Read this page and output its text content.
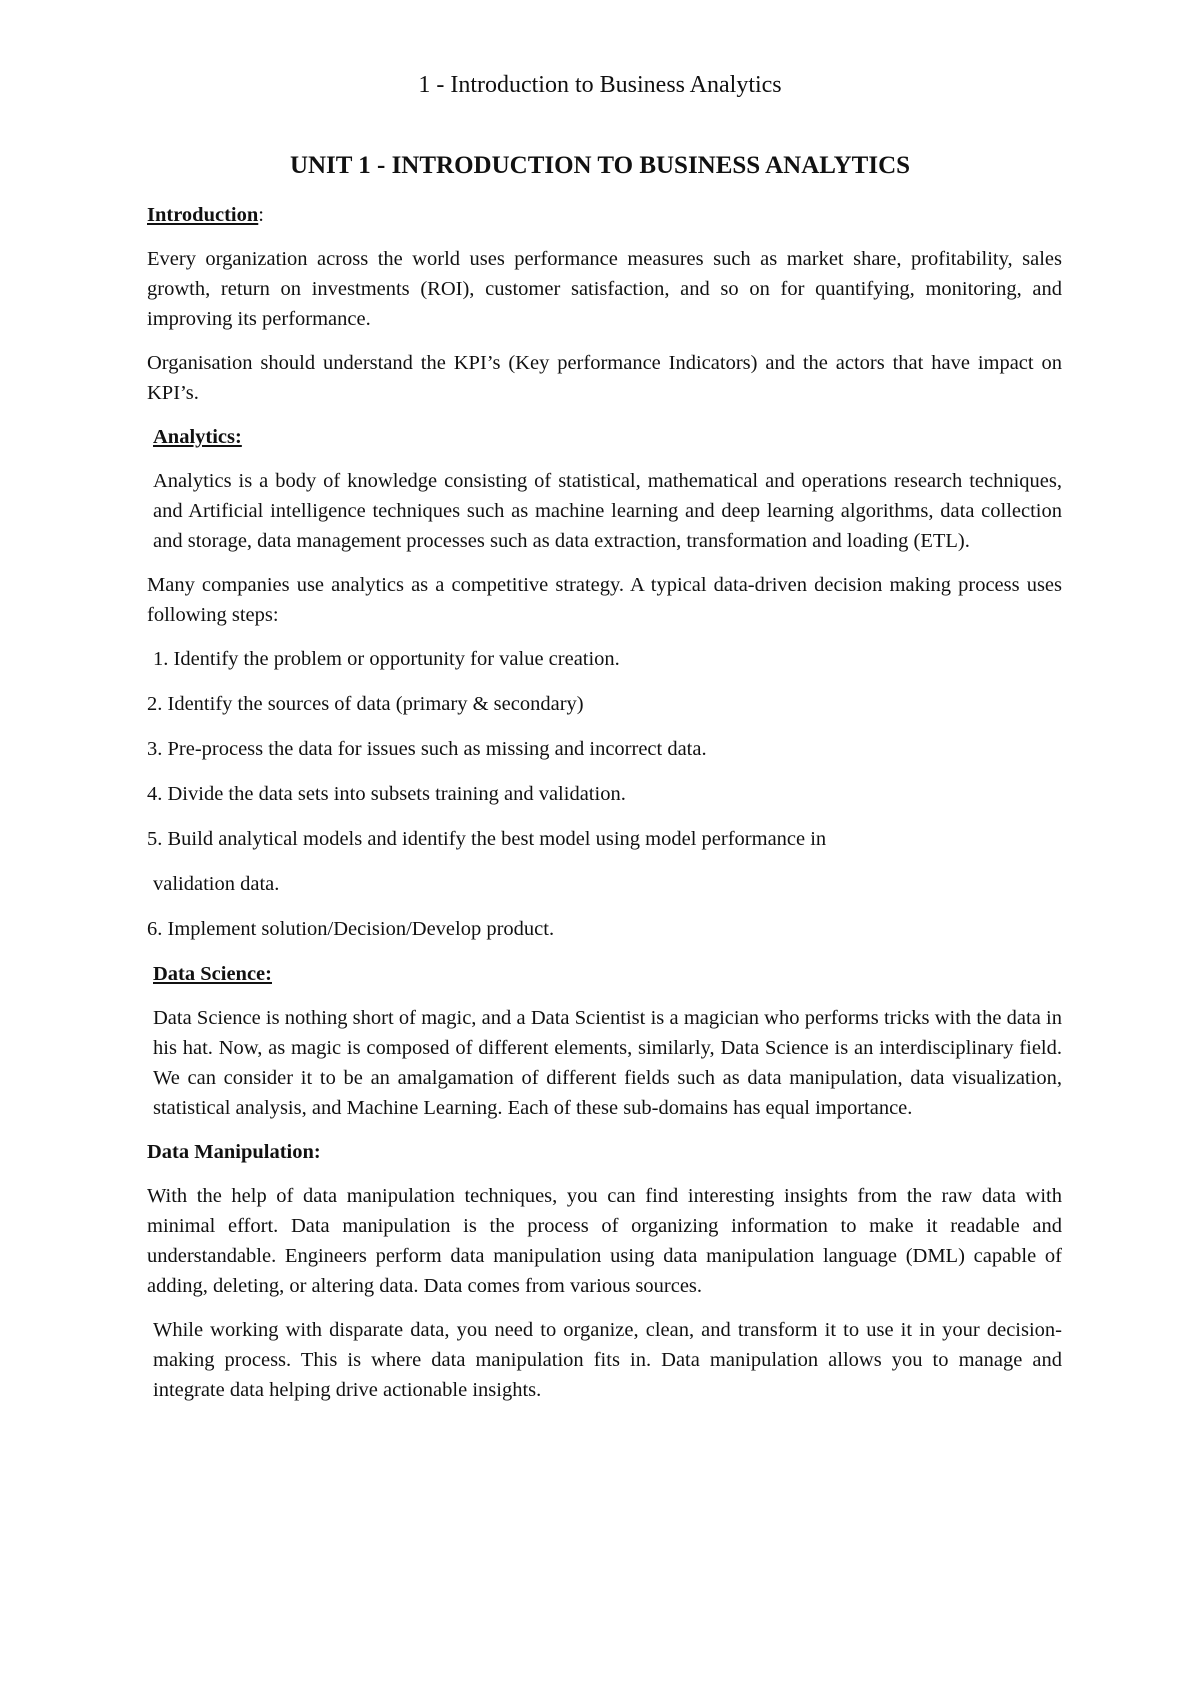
1 - Introduction to Business Analytics
UNIT 1 - INTRODUCTION TO BUSINESS ANALYTICS
Introduction:

Every organization across the world uses performance measures such as market share, profitability, sales growth, return on investments (ROI), customer satisfaction, and so on for quantifying, monitoring, and improving its performance.

Organisation should understand the KPI’s (Key performance Indicators) and the actors that have impact on KPI’s.

Analytics:

Analytics is a body of knowledge consisting of statistical, mathematical and operations research techniques, and Artificial intelligence techniques such as machine learning and deep learning algorithms, data collection and storage, data management processes such as data extraction, transformation and loading (ETL).

Many companies use analytics as a competitive strategy. A typical data-driven decision making process uses following steps:

1. Identify the problem or opportunity for value creation.
2. Identify the sources of data (primary & secondary)
3. Pre-process the data for issues such as missing and incorrect data.
4. Divide the data sets into subsets training and validation.
5. Build analytical models and identify the best model using model performance in
validation data.
6. Implement solution/Decision/Develop product.
Data Science:

Data Science is nothing short of magic, and a Data Scientist is a magician who performs tricks with the data in his hat. Now, as magic is composed of different elements, similarly, Data Science is an interdisciplinary field. We can consider it to be an amalgamation of different fields such as data manipulation, data visualization, statistical analysis, and Machine Learning. Each of these sub-domains has equal importance.

Data Manipulation:

With the help of data manipulation techniques, you can find interesting insights from the raw data with minimal effort. Data manipulation is the process of organizing information to make it readable and understandable. Engineers perform data manipulation using data manipulation language (DML) capable of adding, deleting, or altering data. Data comes from various sources.

While working with disparate data, you need to organize, clean, and transform it to use it in your decision-making process. This is where data manipulation fits in. Data manipulation allows you to manage and integrate data helping drive actionable insights.
